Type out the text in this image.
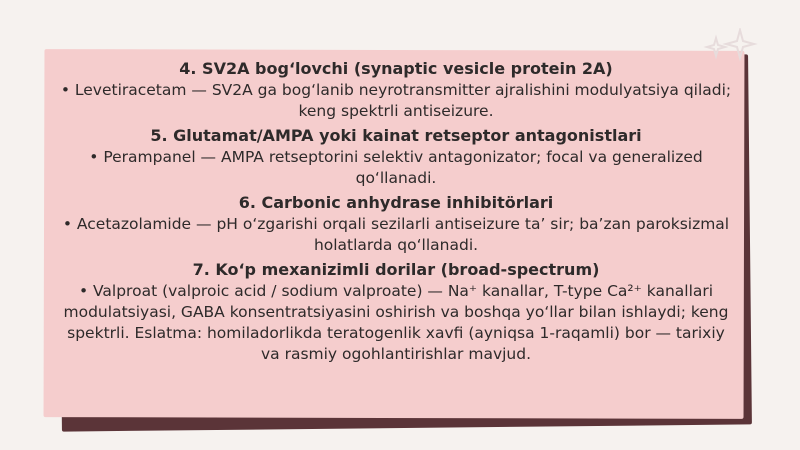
4. SV2A bog‘lovchi (synaptic vesicle protein 2A)

• Levetiracetam — SV2A ga bog‘lanib neyrotransmitter ajralishini modulyatsiya qiladi; keng spektrli antiseizure.

5. Glutamat/AMPA yoki kainat retseptor antagonistlari

• Perampanel — AMPA retseptorini selektiv antagonizator; focal va generalized qo‘llanadi.

6. Carbonic anhydrase inhibitörlari

• Acetazolamide — pH o‘zgarishi orqali sezilarli antiseizure ta’ sir; ba’zan paroksizmal holatlarda qo‘llanadi.

7. Ko‘p mexanizimli dorilar (broad-spectrum)

• Valproat (valproic acid / sodium valproate) — Na⁺ kanallar, T-type Ca²⁺ kanallari modulatsiyasi, GABA konsentratsiyasini oshirish va boshqa yo‘llar bilan ishlaydi; keng spektrli. Eslatma: homiladorlikda teratogenlik xavfi (ayniqsa 1-raqamli) bor — tarixiy va rasmiy ogohlantirishlar mavjud.
